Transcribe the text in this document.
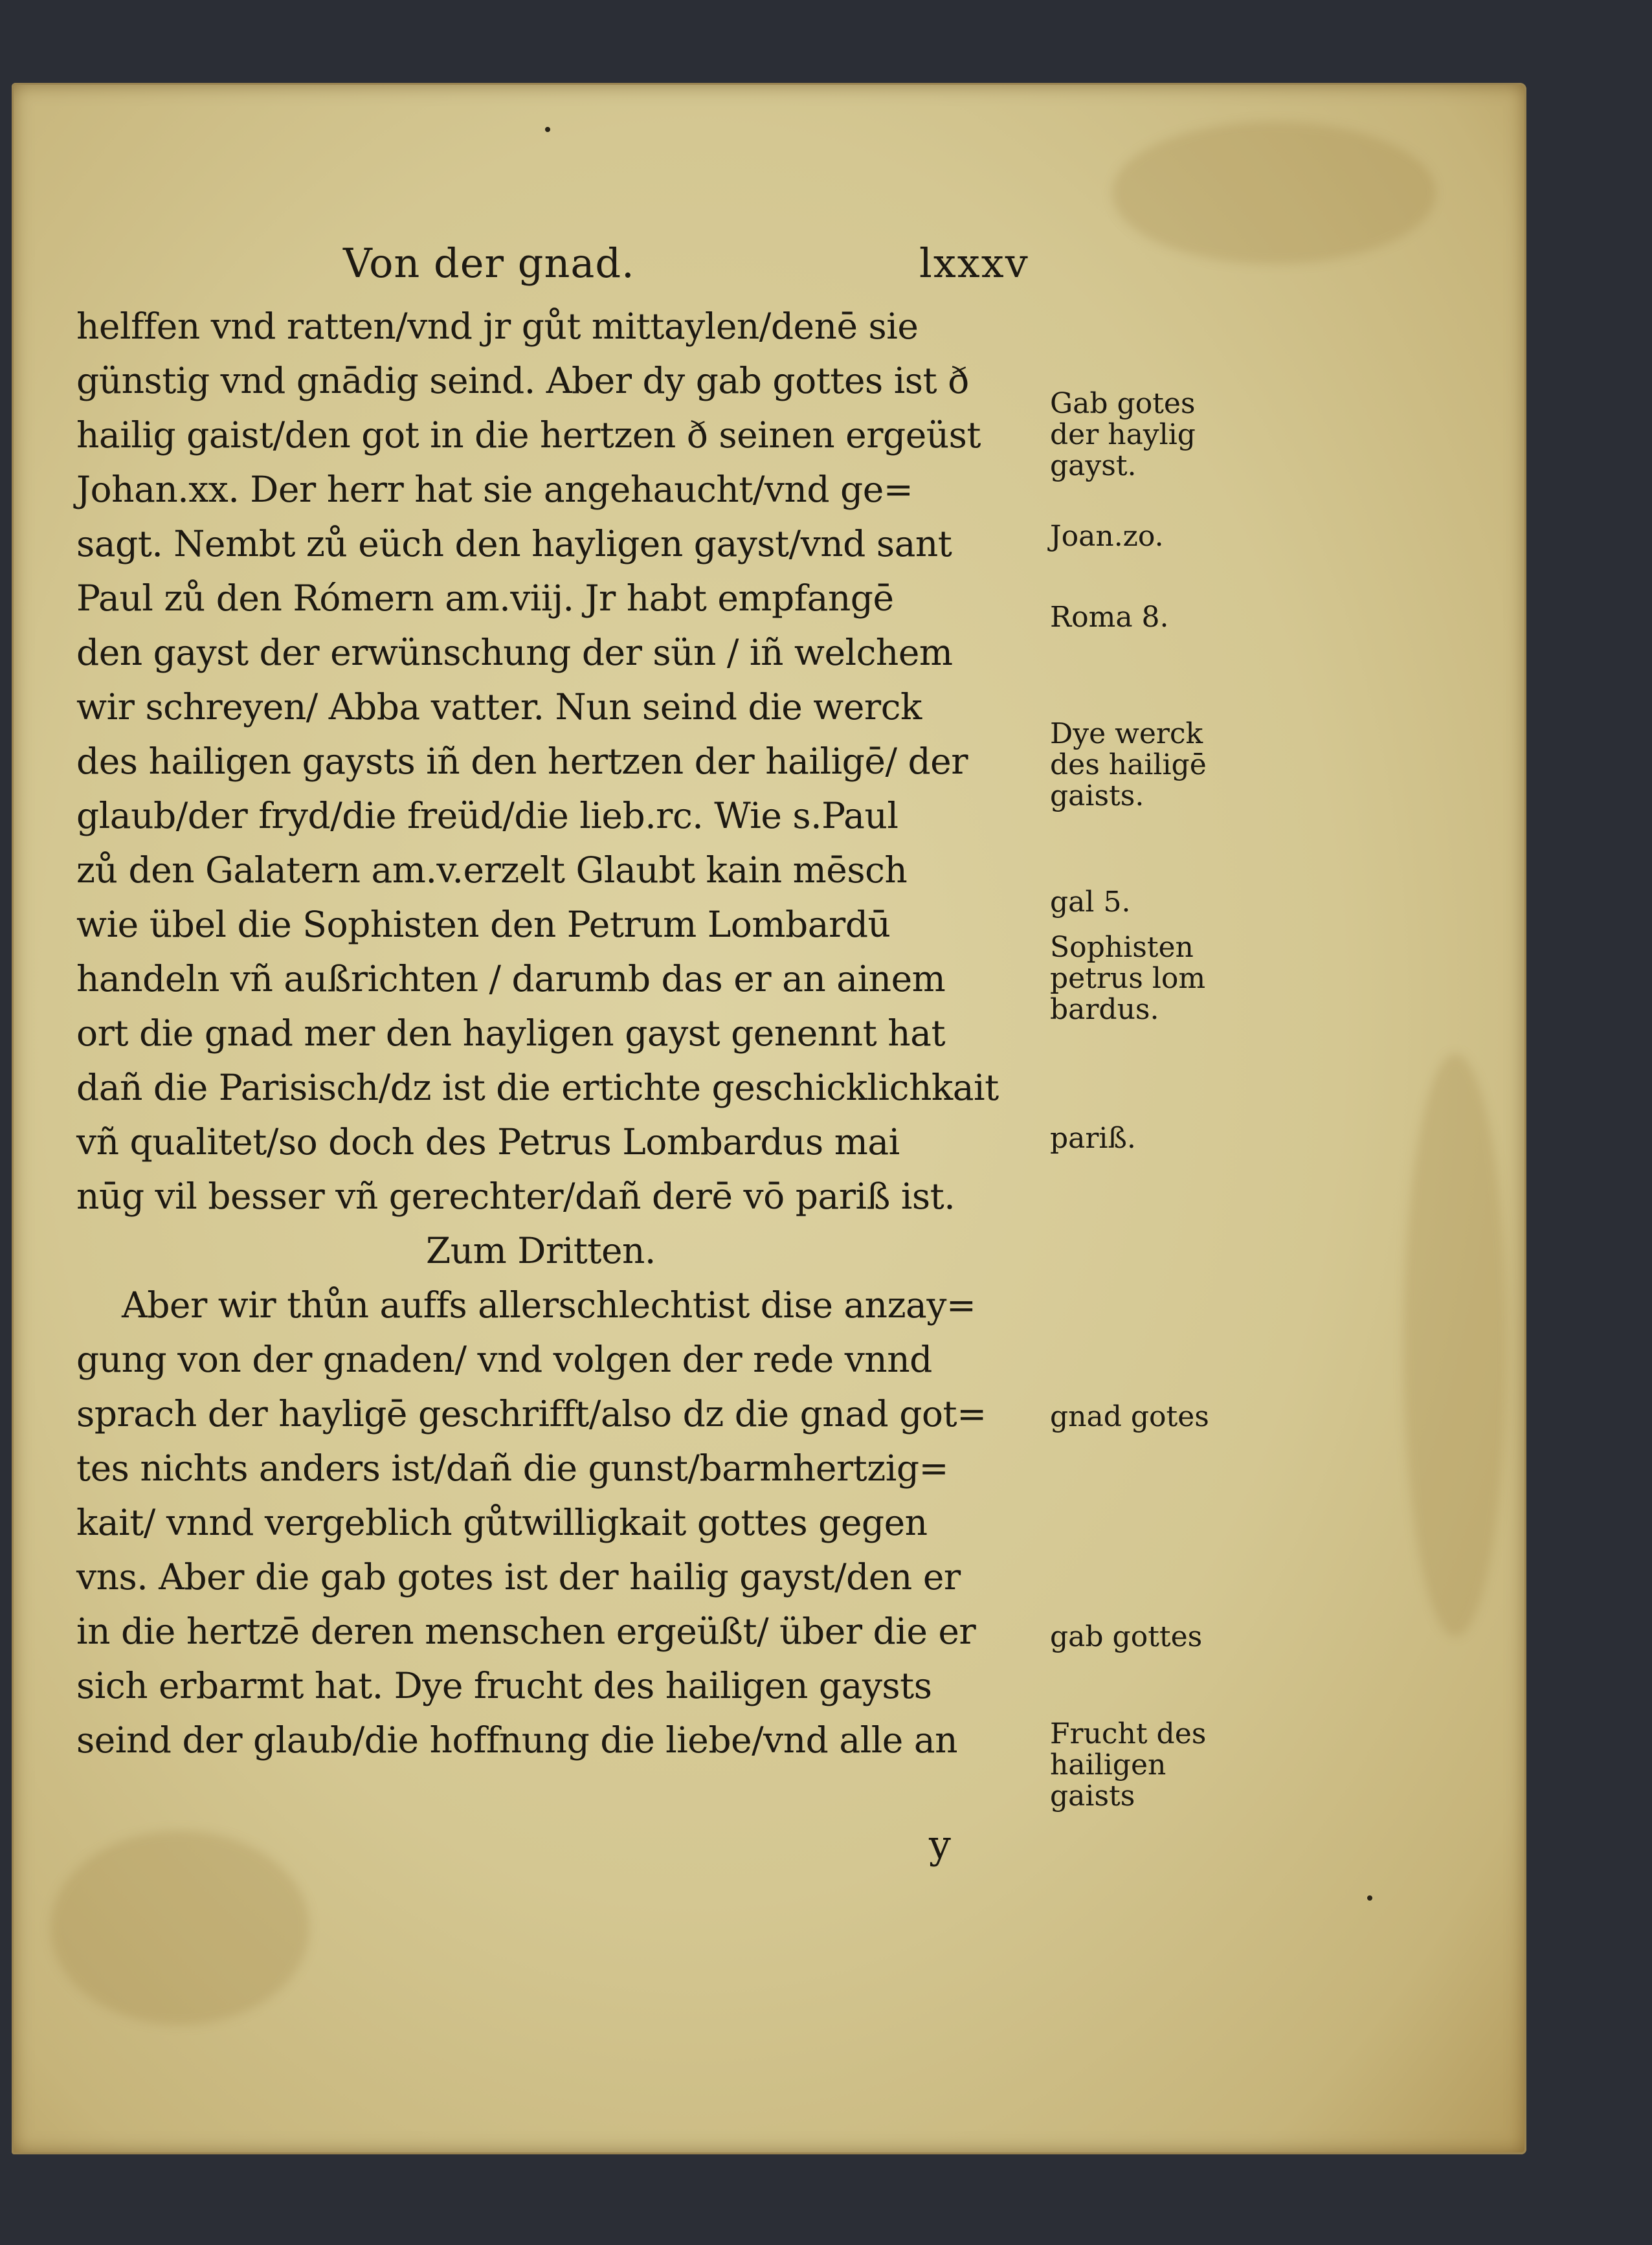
Von der gnad.	lxxxv
helffen vnd ratten/vnd jr gůt mittaylen/denē sie
günstig vnd gnādig seind. Aber dy gab gottes ist ð
hailig gaist/den got in die hertzen ð seinen ergeüst
Johan.xx. Der herr hat sie angehaucht/vnd ge=
sagt. Nembt zů eüch den hayligen gayst/vnd sant
Paul zů den Rómern am.viij. Jr habt empfangē
den gayst der erwünschung der sün / iñ welchem
wir schreyen/ Abba vatter. Nun seind die werck
des hailigen gaysts iñ den hertzen der hailigē/ der
glaub/der fryd/die freüd/die lieb.rc. Wie s.Paul
zů den Galatern am.v.erzelt Glaubt kain mēsch
wie übel die Sophisten den Petrum Lombardū
handeln vñ außrichten / darumb das er an ainem
ort die gnad mer den hayligen gayst genennt hat
dañ die Parisisch/dz ist die ertichte geschicklichkait
vñ qualitet/so doch des Petrus Lombardus mai
nūg vil besser vñ gerechter/dañ derē vō pariß ist.
Zum Dritten.
Aber wir thůn auffs allerschlechtist dise anzay=
gung von der gnaden/ vnd volgen der rede vnnd
sprach der hayligē geschrifft/also dz die gnad got=
tes nichts anders ist/dañ die gunst/barmhertzig=
kait/ vnnd vergeblich gůtwilligkait gottes gegen
vns. Aber die gab gotes ist der hailig gayst/den er
in die hertzē deren menschen ergeüßt/ über die er
sich erbarmt hat. Dye frucht des hailigen gaysts
seind der glaub/die hoffnung die liebe/vnd alle an
y
Gab gotes
der haylig
gayst.
Joan.zo.
Roma 8.
Dye werck
des hailigē
gaists.
gal 5.
Sophisten
petrus lom
bardus.
pariß.
gnad gotes
gab gottes
Frucht des
hailigen
gaists
